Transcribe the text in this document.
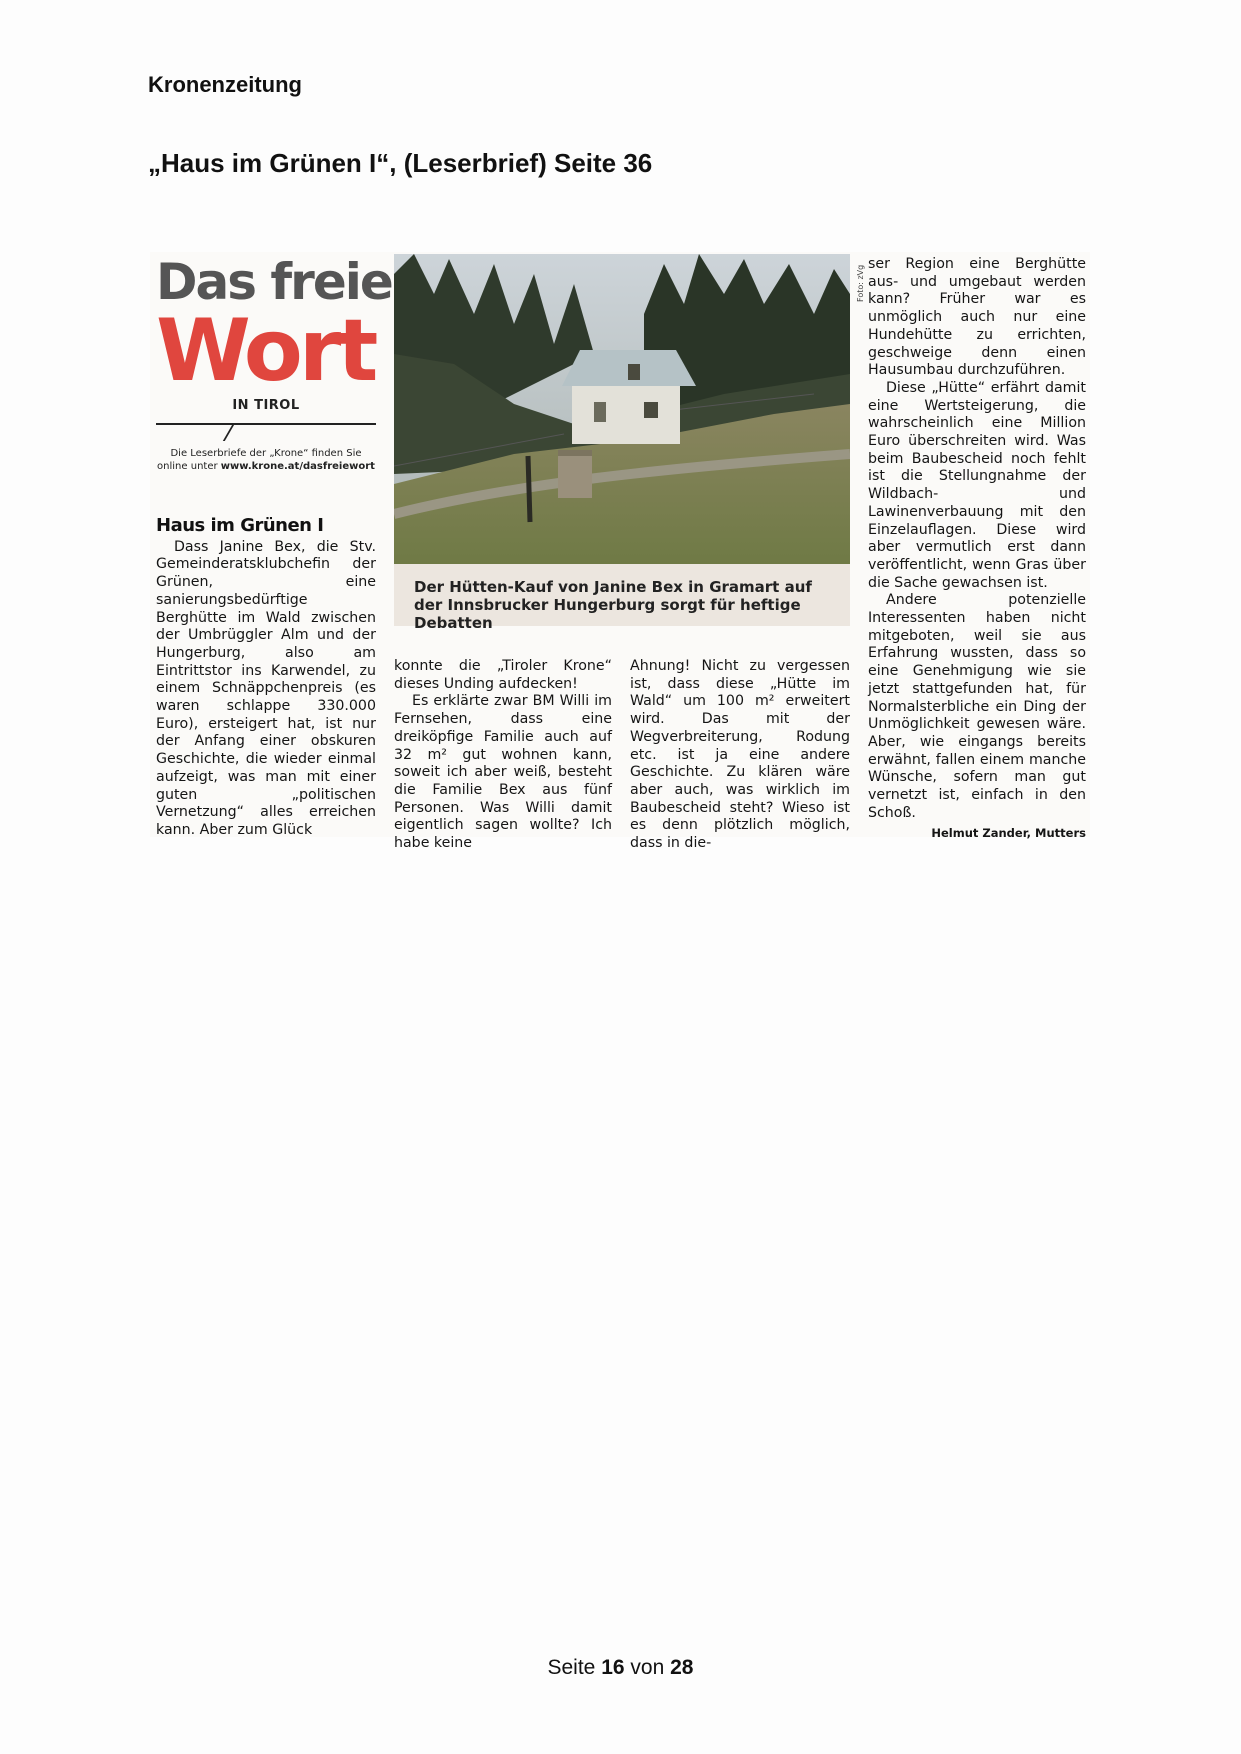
Kronenzeitung
„Haus im Grünen I“, (Leserbrief) Seite 36
Das freie
Wort
IN TIROL
Die Leserbriefe der „Krone“ finden Sie online unter www.krone.at/dasfreiewort
Haus im Grünen I

Dass Janine Bex, die Stv. Gemeinderatsklubchefin der Grünen, eine sanierungsbedürftige Berghütte im Wald zwischen der Umbrüggler Alm und der Hungerburg, also am Eintrittstor ins Karwendel, zu einem Schnäppchenpreis (es waren schlappe 330.000 Euro), ersteigert hat, ist nur der Anfang einer obskuren Geschichte, die wieder einmal aufzeigt, was man mit einer guten „politischen Vernetzung“ alles erreichen kann. Aber zum Glück

Der Hütten-Kauf von Janine Bex in Gramart auf der Innsbrucker Hungerburg sorgt für heftige Debatten
Foto: zVg

konnte die „Tiroler Krone“ dieses Unding aufdecken!

Es erklärte zwar BM Willi im Fernsehen, dass eine dreiköpfige Familie auch auf 32 m² gut wohnen kann, soweit ich aber weiß, besteht die Familie Bex aus fünf Personen. Was Willi damit eigentlich sagen wollte? Ich habe keine

Ahnung! Nicht zu vergessen ist, dass diese „Hütte im Wald“ um 100 m² erweitert wird. Das mit der Wegverbreiterung, Rodung etc. ist ja eine andere Geschichte. Zu klären wäre aber auch, was wirklich im Baubescheid steht? Wieso ist es denn plötzlich möglich, dass in die-

ser Region eine Berghütte aus- und umgebaut werden kann? Früher war es unmöglich auch nur eine Hundehütte zu errichten, geschweige denn einen Hausumbau durchzuführen.

Diese „Hütte“ erfährt damit eine Wertsteigerung, die wahrscheinlich eine Million Euro überschreiten wird. Was beim Baubescheid noch fehlt ist die Stellungnahme der Wildbach- und Lawinenverbauung mit den Einzelauflagen. Diese wird aber vermutlich erst dann veröffentlicht, wenn Gras über die Sache gewachsen ist.

Andere potenzielle Interessenten haben nicht mitgeboten, weil sie aus Erfahrung wussten, dass so eine Genehmigung wie sie jetzt stattgefunden hat, für Normalsterbliche ein Ding der Unmöglichkeit gewesen wäre. Aber, wie eingangs bereits erwähnt, fallen einem manche Wünsche, sofern man gut vernetzt ist, einfach in den Schoß.

Helmut Zander, Mutters
Seite 16 von 28
